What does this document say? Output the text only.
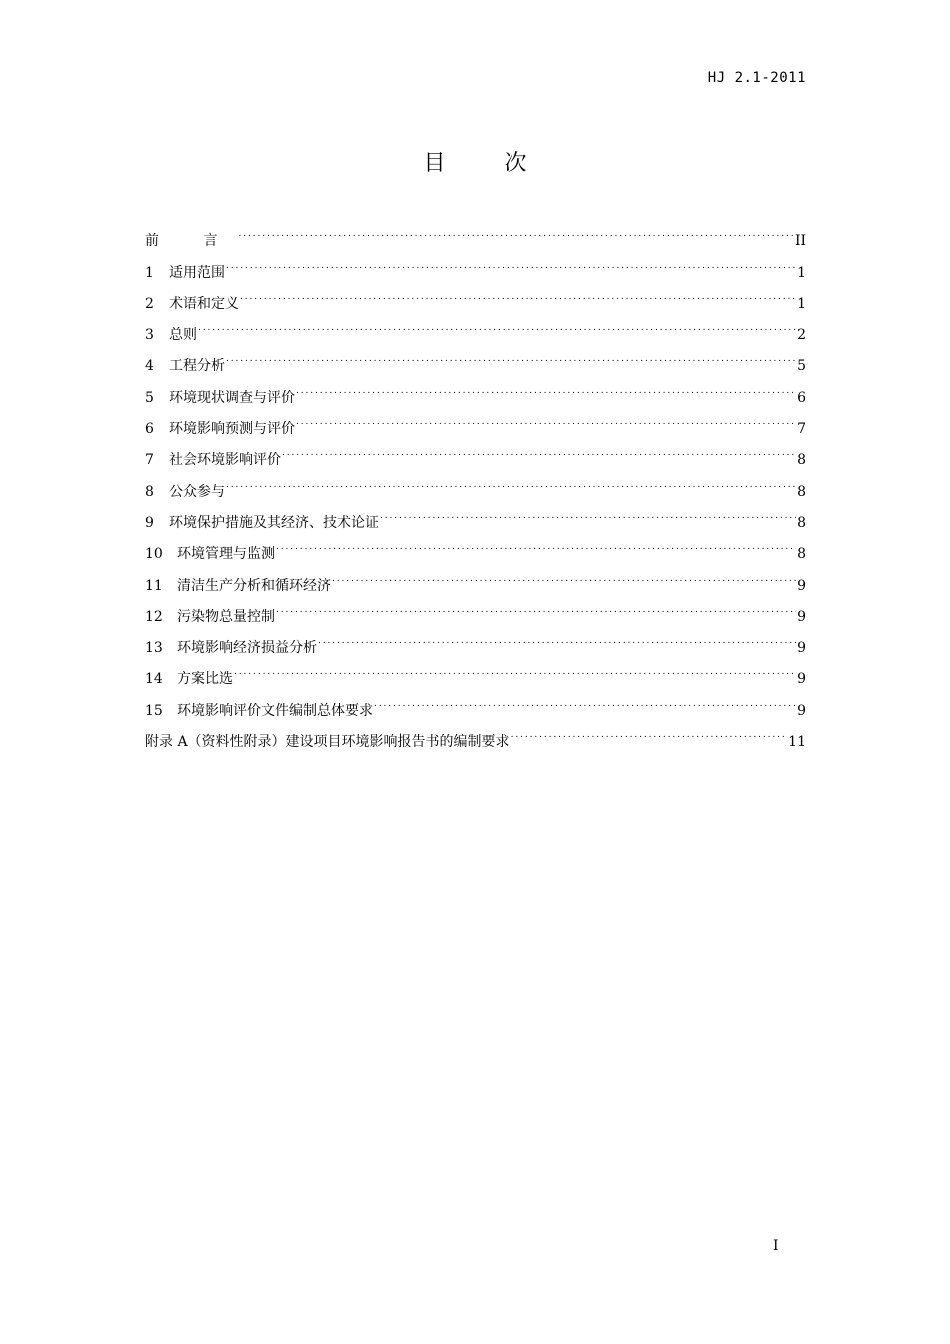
HJ 2.1-2011
目 次
前 言 .....	II
1	适用范围 .....	1
2	术语和定义 .....	1
3	总则 .....	2
4	工程分析 .....	5
5	环境现状调查与评价 .....	6
6	环境影响预测与评价 .....	7
7	社会环境影响评价 .....	8
8	公众参与 .....	8
9	环境保护措施及其经济、技术论证 .....	8
10	环境管理与监测 .....	8
11	清洁生产分析和循环经济 .....	9
12	污染物总量控制 .....	9
13	环境影响经济损益分析 .....	9
14	方案比选 .....	9
15	环境影响评价文件编制总体要求 .....	9
附录 A（资料性附录）建设项目环境影响报告书的编制要求 .....	11
I
